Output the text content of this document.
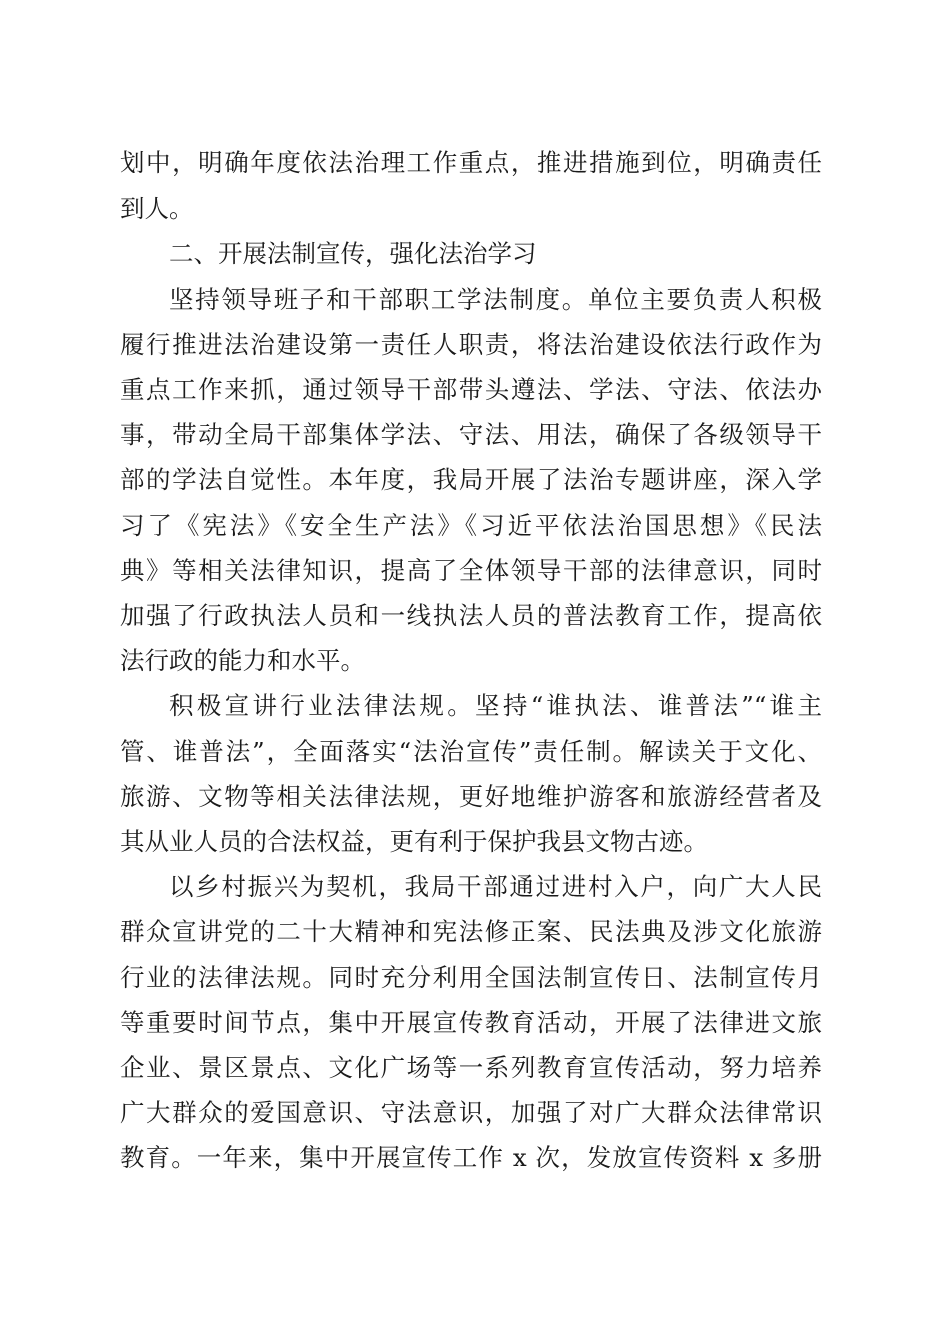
划中，明确年度依法治理工作重点，推进措施到位，明确责任
到人。
二、开展法制宣传，强化法治学习
坚持领导班子和干部职工学法制度。单位主要负责人积极
履行推进法治建设第一责任人职责，将法治建设依法行政作为
重点工作来抓，通过领导干部带头遵法、学法、守法、依法办
事，带动全局干部集体学法、守法、用法，确保了各级领导干
部的学法自觉性。本年度，我局开展了法治专题讲座，深入学
习了《宪法》《安全生产法》《习近平依法治国思想》《民法
典》等相关法律知识，提高了全体领导干部的法律意识，同时
加强了行政执法人员和一线执法人员的普法教育工作，提高依
法行政的能力和水平。
积极宣讲行业法律法规。坚持“谁执法、谁普法”“谁主
管、谁普法”，全面落实“法治宣传”责任制。解读关于文化、
旅游、文物等相关法律法规，更好地维护游客和旅游经营者及
其从业人员的合法权益，更有利于保护我县文物古迹。
以乡村振兴为契机，我局干部通过进村入户，向广大人民
群众宣讲党的二十大精神和宪法修正案、民法典及涉文化旅游
行业的法律法规。同时充分利用全国法制宣传日、法制宣传月
等重要时间节点，集中开展宣传教育活动，开展了法律进文旅
企业、景区景点、文化广场等一系列教育宣传活动，努力培养
广大群众的爱国意识、守法意识，加强了对广大群众法律常识
教育。一年来，集中开展宣传工作 x 次，发放宣传资料 x 多册
